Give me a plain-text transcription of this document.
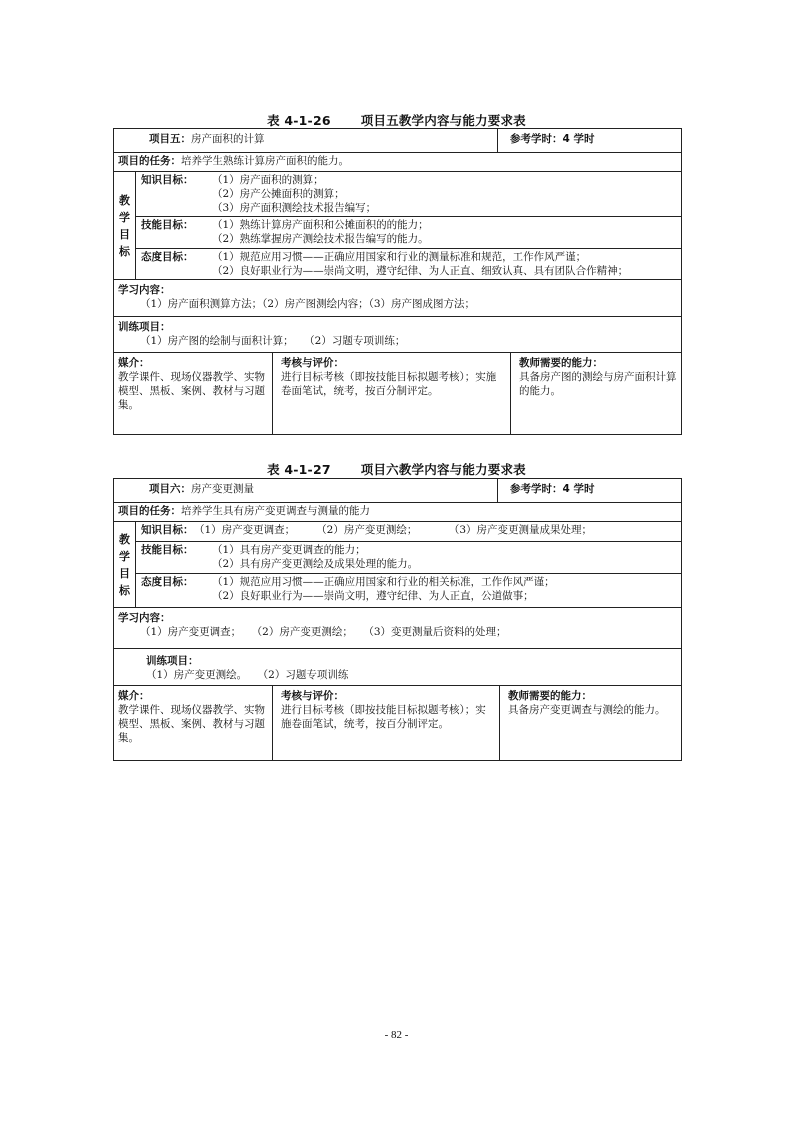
表 4-1-26 项目五教学内容与能力要求表
项目五：房产面积的计算	参考学时：4 学时
项目的任务：培养学生熟练计算房产面积的能力。
教学目标
知识目标：	（1）房产面积的测算；
（2）房产公摊面积的测算；
（3）房产面积测绘技术报告编写；
技能目标：	（1）熟练计算房产面积和公摊面积的的能力；
（2）熟练掌握房产测绘技术报告编写的能力。
态度目标：	（1）规范应用习惯——正确应用国家和行业的测量标准和规范，工作作风严谨；
（2）良好职业行为——崇尚文明，遵守纪律、为人正直、细致认真、具有团队合作精神；
学习内容：
（1）房产面积测算方法；（2）房产图测绘内容；（3）房产图成图方法；
训练项目：
（1）房产图的绘制与面积计算；　　（2）习题专项训练；
媒介：
教学课件、现场仪器教学、实物模型、黑板、案例、教材与习题集。
考核与评价：
进行目标考核（即按技能目标拟题考核）；实施卷面笔试，统考，按百分制评定。
教师需要的能力：
具备房产图的测绘与房产面积计算的能力。
表 4-1-27 项目六教学内容与能力要求表
项目六：房产变更测量	参考学时：4 学时
项目的任务：培养学生具有房产变更调查与测量的能力
教学目标
知识目标： （1）房产变更调查；　　　（2）房产变更测绘；　　　　（3）房产变更测量成果处理；
技能目标：	（1）具有房产变更调查的能力；
（2）具有房产变更测绘及成果处理的能力。
态度目标：	（1）规范应用习惯——正确应用国家和行业的相关标准，工作作风严谨；
（2）良好职业行为——崇尚文明，遵守纪律、为人正直，公道做事；
学习内容：
（1）房产变更调查；　　（2）房产变更测绘；　　（3）变更测量后资料的处理；
训练项目：
（1）房产变更测绘。　　（2）习题专项训练
媒介：
教学课件、现场仪器教学、实物模型、黑板、案例、教材与习题集。
考核与评价：
进行目标考核（即按技能目标拟题考核）；实施卷面笔试，统考，按百分制评定。
教师需要的能力：
具备房产变更调查与测绘的能力。
- 82 -
